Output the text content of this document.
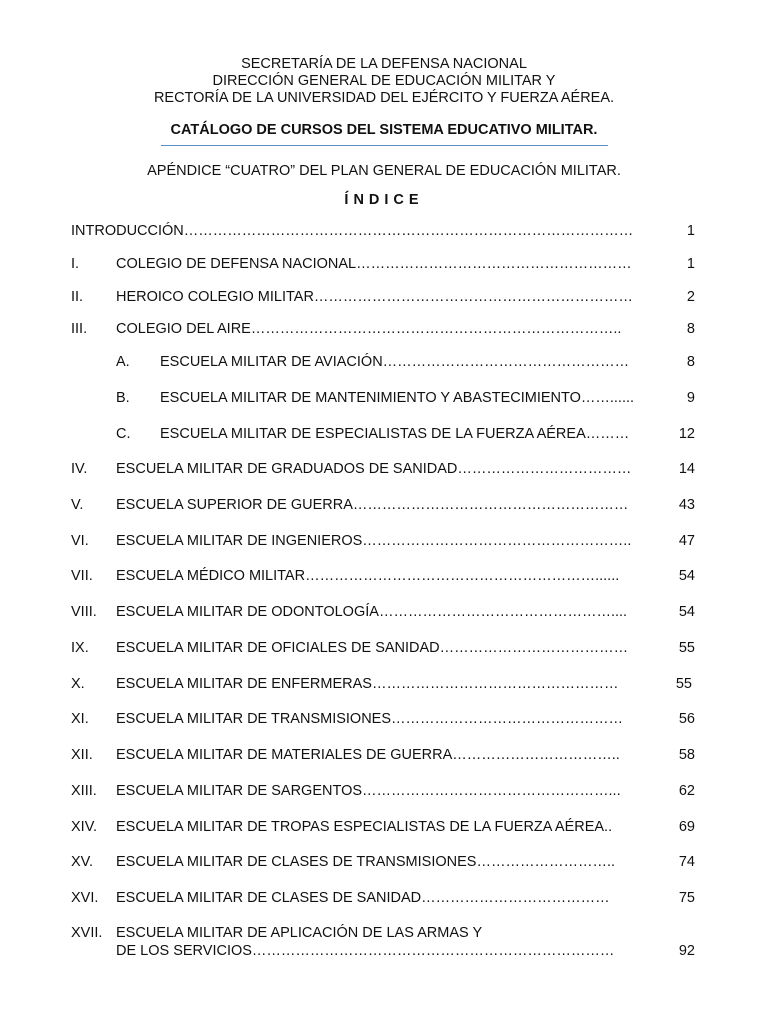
SECRETARÍA DE LA DEFENSA NACIONAL
DIRECCIÓN GENERAL DE EDUCACIÓN MILITAR Y
RECTORÍA DE LA UNIVERSIDAD DEL EJÉRCITO Y FUERZA AÉREA.
CATÁLOGO DE CURSOS DEL SISTEMA EDUCATIVO MILITAR.
APÉNDICE “CUATRO” DEL PLAN GENERAL DE EDUCACIÓN MILITAR.
ÍNDICE
INTRODUCCIÓN…………………………………………………………………………………	1
I.	COLEGIO DE DEFENSA NACIONAL…………………………………………………	1
II. HEROICO COLEGIO MILITAR…………………………………………………………	2
III. COLEGIO DEL AIRE…………………………………………………………………..	8
A. ESCUELA MILITAR DE AVIACIÓN……………………………………………	8
B. ESCUELA MILITAR DE MANTENIMIENTO Y ABASTECIMIENTO……......	9
C. ESCUELA MILITAR DE ESPECIALISTAS DE LA FUERZA AÉREA………	12
IV. ESCUELA MILITAR DE GRADUADOS DE SANIDAD………………………………	14
V. ESCUELA SUPERIOR DE GUERRA…………………………………………………	43
VI. ESCUELA MILITAR DE INGENIEROS………………………………………………..	47
VII. ESCUELA MÉDICO MILITAR……………………………………………………......	54
VIII. ESCUELA MILITAR DE ODONTOLOGÍA…………………………………………....	54
IX. ESCUELA MILITAR DE OFICIALES DE SANIDAD…………………………………	55
X. ESCUELA MILITAR DE ENFERMERAS……………………………………………	55
XI. ESCUELA MILITAR DE TRANSMISIONES…………………………………………	56
XII. ESCUELA MILITAR DE MATERIALES DE GUERRA……………………………..	58
XIII. ESCUELA MILITAR DE SARGENTOS……………………………………………...	62
XIV. ESCUELA MILITAR DE TROPAS ESPECIALISTAS DE LA FUERZA AÉREA..	69
XV. ESCUELA MILITAR DE CLASES DE TRANSMISIONES………………………..	74
XVI. ESCUELA MILITAR DE CLASES DE SANIDAD…………………………………	75
XVII. ESCUELA MILITAR DE APLICACIÓN DE LAS ARMAS Y
DE LOS SERVICIOS…………………………………………………………………	92
